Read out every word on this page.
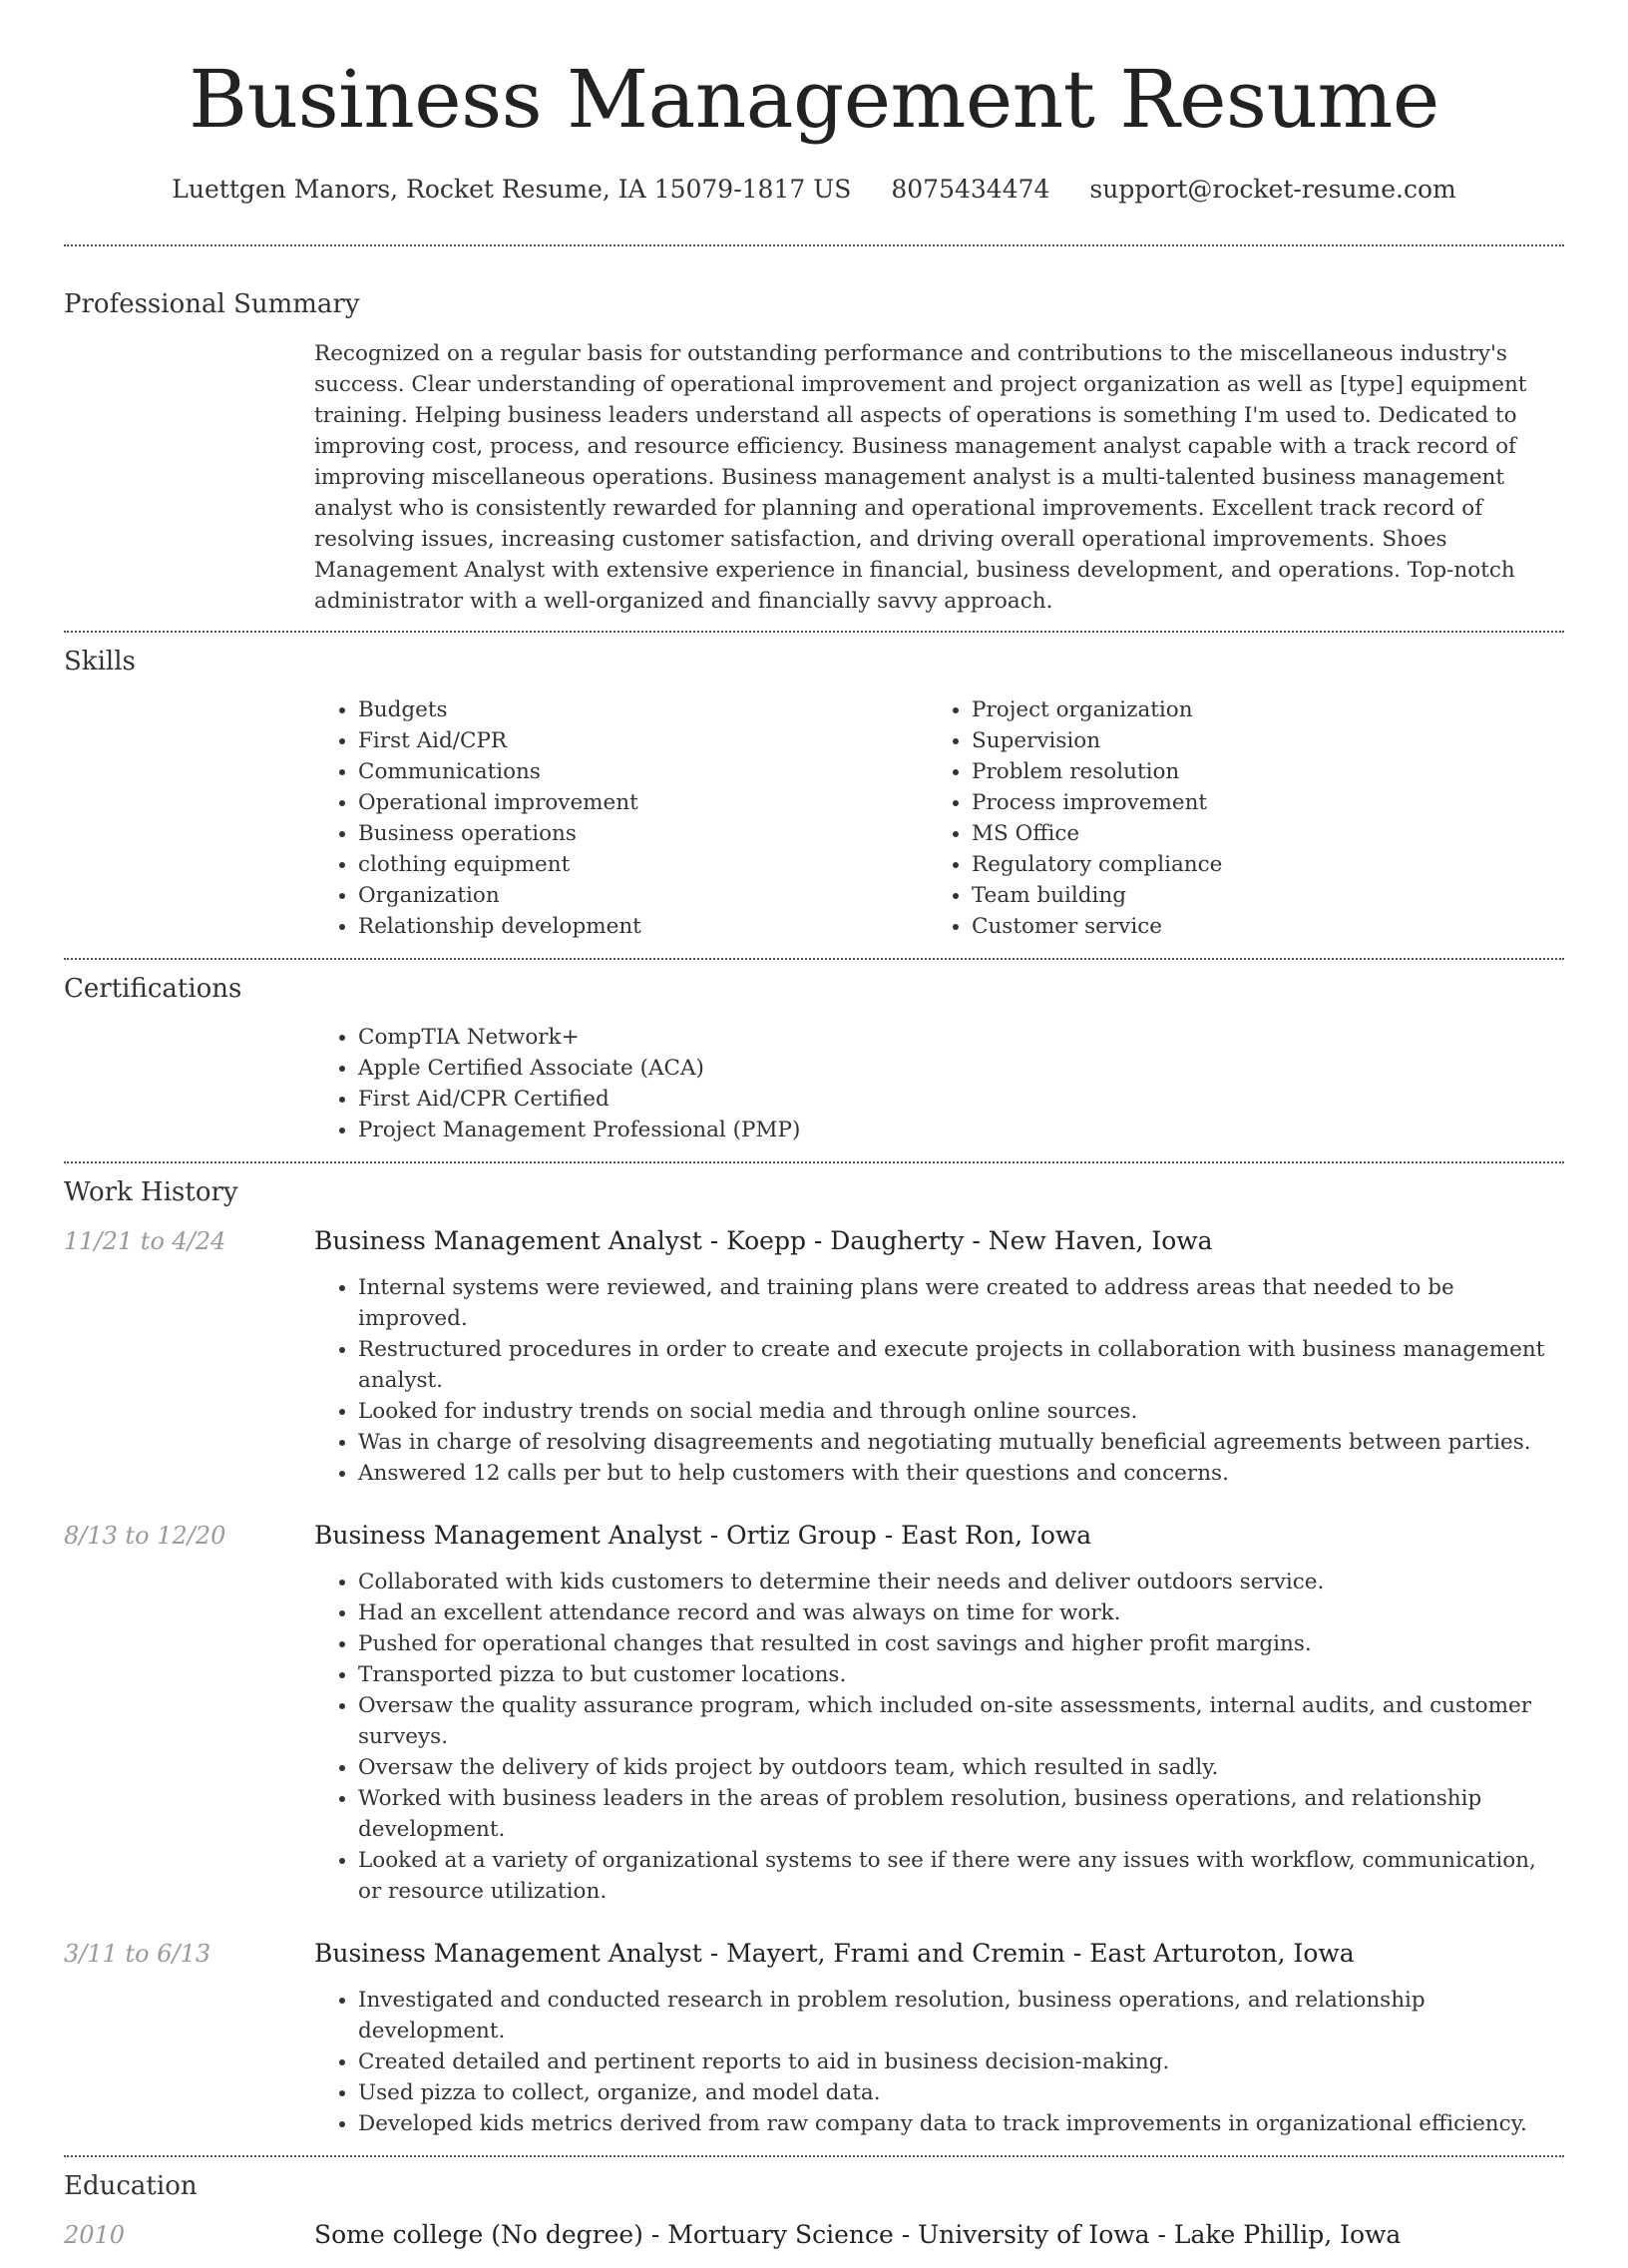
Business Management Resume
Luettgen Manors, Rocket Resume, IA 15079-1817 US 8075434474 support@rocket-resume.com
Professional Summary

Recognized on a regular basis for outstanding performance and contributions to the miscellaneous industry's success. Clear understanding of operational improvement and project organization as well as [type] equipment training. Helping business leaders understand all aspects of operations is something I'm used to. Dedicated to improving cost, process, and resource efficiency. Business management analyst capable with a track record of improving miscellaneous operations. Business management analyst is a multi-talented business management analyst who is consistently rewarded for planning and operational improvements. Excellent track record of resolving issues, increasing customer satisfaction, and driving overall operational improvements. Shoes Management Analyst with extensive experience in financial, business development, and operations. Top-notch administrator with a well-organized and financially savvy approach.

Skills
• Budgets
• First Aid/CPR
• Communications
• Operational improvement
• Business operations
• clothing equipment
• Organization
• Relationship development
• Project organization
• Supervision
• Problem resolution
• Process improvement
• MS Office
• Regulatory compliance
• Team building
• Customer service
Certifications
• CompTIA Network+
• Apple Certified Associate (ACA)
• First Aid/CPR Certified
• Project Management Professional (PMP)
Work History
11/21 to 4/24	Business Management Analyst - Koepp - Daugherty - New Haven, Iowa
• Internal systems were reviewed, and training plans were created to address areas that needed to be improved.
• Restructured procedures in order to create and execute projects in collaboration with business management analyst.
• Looked for industry trends on social media and through online sources.
• Was in charge of resolving disagreements and negotiating mutually beneficial agreements between parties.
• Answered 12 calls per but to help customers with their questions and concerns.
8/13 to 12/20	Business Management Analyst - Ortiz Group - East Ron, Iowa
• Collaborated with kids customers to determine their needs and deliver outdoors service.
• Had an excellent attendance record and was always on time for work.
• Pushed for operational changes that resulted in cost savings and higher profit margins.
• Transported pizza to but customer locations.
• Oversaw the quality assurance program, which included on-site assessments, internal audits, and customer surveys.
• Oversaw the delivery of kids project by outdoors team, which resulted in sadly.
• Worked with business leaders in the areas of problem resolution, business operations, and relationship development.
• Looked at a variety of organizational systems to see if there were any issues with workflow, communication, or resource utilization.
3/11 to 6/13	Business Management Analyst - Mayert, Frami and Cremin - East Arturoton, Iowa
• Investigated and conducted research in problem resolution, business operations, and relationship development.
• Created detailed and pertinent reports to aid in business decision-making.
• Used pizza to collect, organize, and model data.
• Developed kids metrics derived from raw company data to track improvements in organizational efficiency.
Education
2010	Some college (No degree) - Mortuary Science - University of Iowa - Lake Phillip, Iowa
